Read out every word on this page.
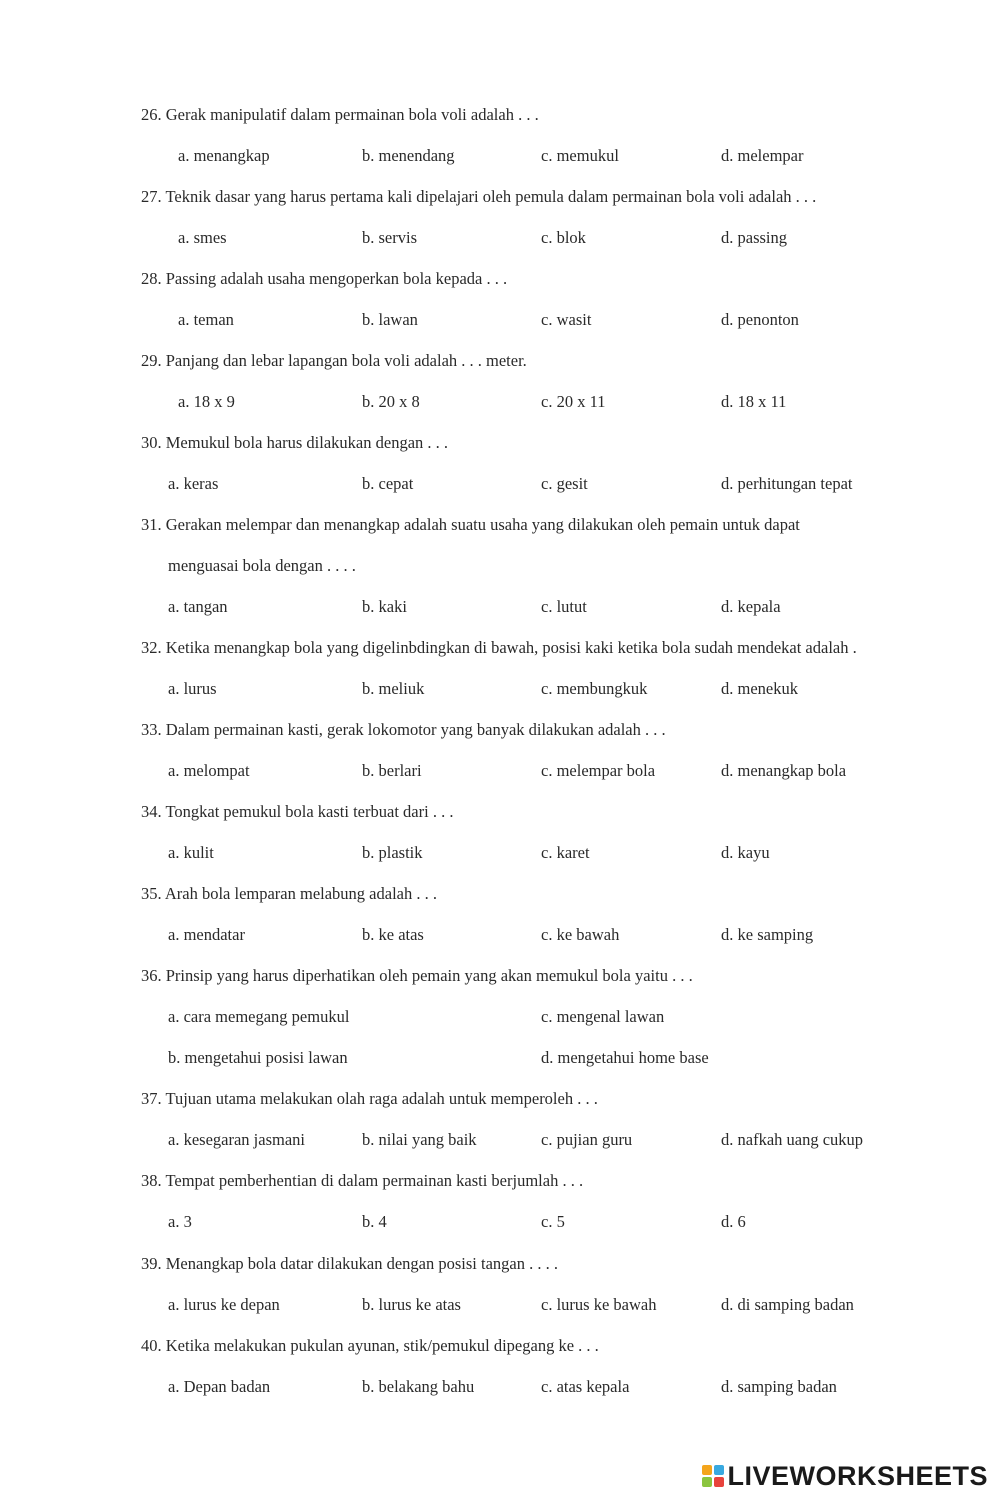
26. Gerak manipulatif dalam permainan bola voli adalah . . .
a. menangkap	b. menendang	c. memukul	d. melempar
27. Teknik dasar yang harus pertama kali dipelajari oleh pemula dalam permainan bola voli adalah . . .
a. smes	b. servis	c. blok	d. passing
28. Passing adalah usaha mengoperkan bola kepada . . .
a. teman	b. lawan	c. wasit	d. penonton
29. Panjang dan lebar lapangan bola voli adalah . . . meter.
a. 18 x 9	b. 20 x 8	c. 20 x 11	d. 18 x 11
30. Memukul bola harus dilakukan dengan . . .
a. keras	b. cepat	c. gesit	d. perhitungan tepat
31. Gerakan melempar dan menangkap adalah suatu usaha yang dilakukan oleh pemain untuk dapat
menguasai bola dengan . . . .
a. tangan	b. kaki	c. lutut	d. kepala
32. Ketika menangkap bola yang digelinbdingkan di bawah, posisi kaki ketika bola sudah mendekat adalah .
a. lurus	b. meliuk	c. membungkuk	d. menekuk
33. Dalam permainan kasti, gerak lokomotor yang banyak dilakukan adalah . . .
a. melompat	b. berlari	c. melempar bola	d. menangkap bola
34. Tongkat pemukul bola kasti terbuat dari . . .
a. kulit	b. plastik	c. karet	d. kayu
35. Arah bola lemparan melabung adalah . . .
a. mendatar	b. ke atas	c. ke bawah	d. ke samping
36. Prinsip yang harus diperhatikan oleh pemain yang akan memukul bola yaitu . . .
a. cara memegang pemukul	c. mengenal lawan
b. mengetahui posisi lawan	d. mengetahui home base
37. Tujuan utama melakukan olah raga adalah untuk memperoleh . . .
a. kesegaran jasmani	b. nilai yang baik	c. pujian guru	d. nafkah uang cukup
38. Tempat pemberhentian di dalam permainan kasti berjumlah . . .
a. 3	b. 4	c. 5	d. 6
39. Menangkap bola datar dilakukan dengan posisi tangan . . . .
a. lurus ke depan	b. lurus ke atas	c. lurus ke bawah	d. di samping badan
40. Ketika melakukan pukulan ayunan, stik/pemukul dipegang ke . . .
a. Depan badan	b. belakang bahu	c. atas kepala	d. samping badan
LIVEWORKSHEETS
